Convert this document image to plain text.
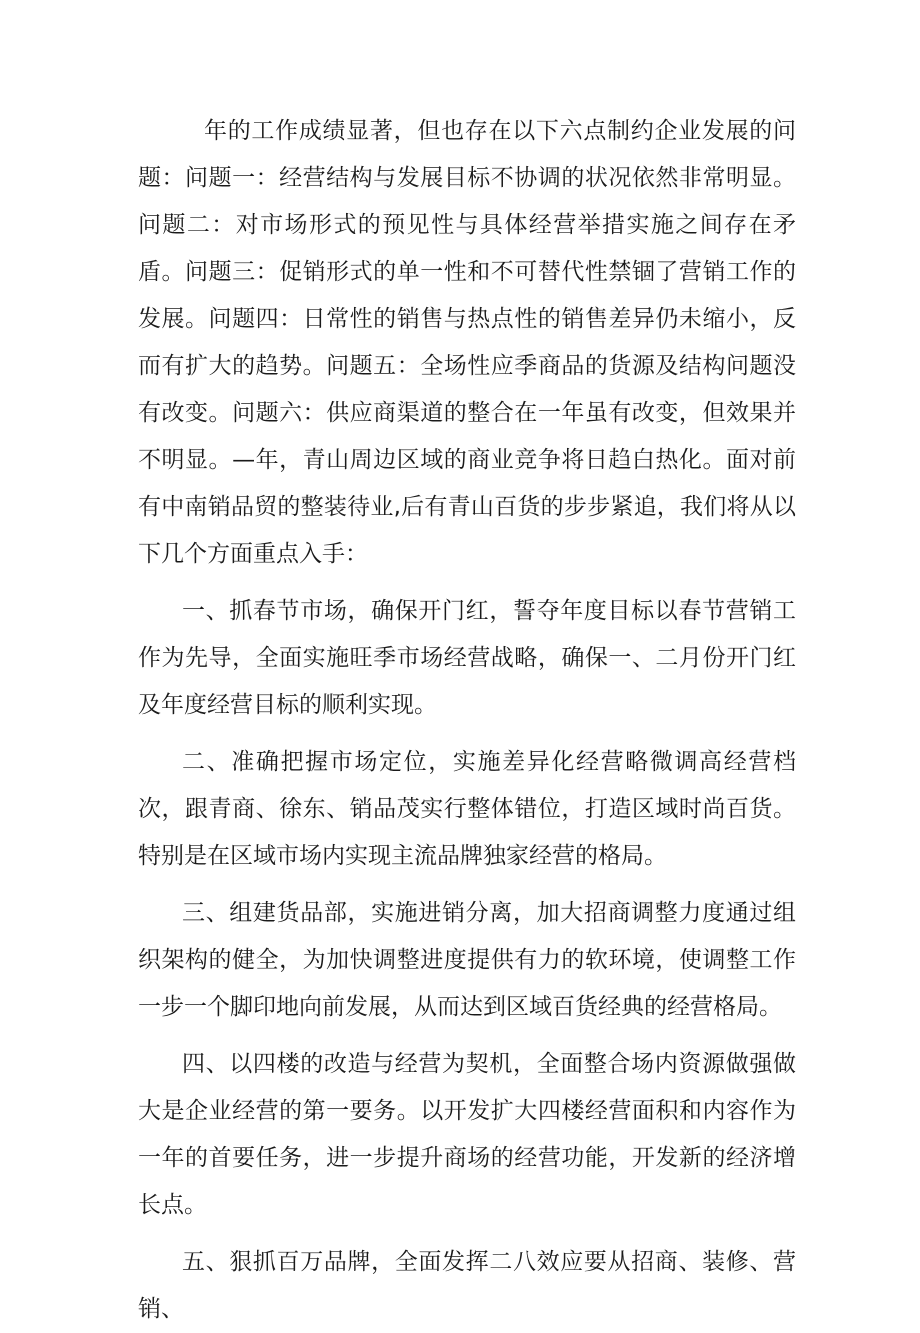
年的工作成绩显著，但也存在以下六点制约企业发展的问题：问题一：经营结构与发展目标不协调的状况依然非常明显。问题二：对市场形式的预见性与具体经营举措实施之间存在矛盾。问题三：促销形式的单一性和不可替代性禁锢了营销工作的发展。问题四：日常性的销售与热点性的销售差异仍未缩小，反而有扩大的趋势。问题五：全场性应季商品的货源及结构问题没有改变。问题六：供应商渠道的整合在一年虽有改变，但效果并不明显。—年，青山周边区域的商业竞争将日趋白热化。面对前有中南销品贸的整装待业,后有青山百货的步步紧追，我们将从以下几个方面重点入手：

一、抓春节市场，确保开门红，誓夺年度目标以春节营销工作为先导，全面实施旺季市场经营战略，确保一、二月份开门红及年度经营目标的顺利实现。

二、准确把握市场定位，实施差异化经营略微调高经营档次，跟青商、徐东、销品茂实行整体错位，打造区域时尚百货。特别是在区域市场内实现主流品牌独家经营的格局。

三、组建货品部，实施进销分离，加大招商调整力度通过组织架构的健全，为加快调整进度提供有力的软环境，使调整工作一步一个脚印地向前发展，从而达到区域百货经典的经营格局。

四、以四楼的改造与经营为契机，全面整合场内资源做强做大是企业经营的第一要务。以开发扩大四楼经营面积和内容作为一年的首要任务，进一步提升商场的经营功能，开发新的经济增长点。

五、狠抓百万品牌，全面发挥二八效应要从招商、装修、营销、
